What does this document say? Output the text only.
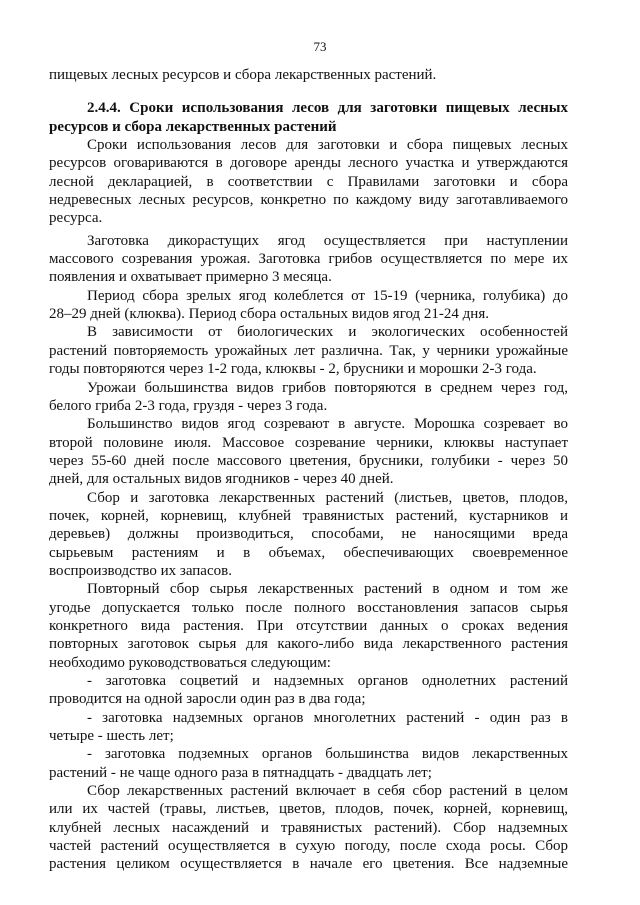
73
пищевых лесных ресурсов и сбора лекарственных растений.
2.4.4. Сроки использования лесов для заготовки пищевых лесных
ресурсов и сбора лекарственных растений
Сроки использования лесов для заготовки и сбора пищевых лесных
ресурсов оговариваются в договоре аренды лесного участка и утверждаются
лесной декларацией, в соответствии с Правилами заготовки и сбора
недревесных лесных ресурсов, конкретно по каждому виду заготавливаемого
ресурса.
Заготовка дикорастущих ягод осуществляется при наступлении
массового созревания урожая. Заготовка грибов осуществляется по мере их
появления и охватывает примерно 3 месяца.
Период сбора зрелых ягод колеблется от 15-19 (черника, голубика) до
28–29 дней (клюква). Период сбора остальных видов ягод 21-24 дня.
В зависимости от биологических и экологических особенностей
растений повторяемость урожайных лет различна. Так, у черники урожайные
годы повторяются через 1-2 года, клюквы - 2, брусники и морошки 2-3 года.
Урожаи большинства видов грибов повторяются в среднем через год,
белого гриба 2-3 года, груздя - через 3 года.
Большинство видов ягод созревают в августе. Морошка созревает во
второй половине июля. Массовое созревание черники, клюквы наступает
через 55-60 дней после массового цветения, брусники, голубики - через 50
дней, для остальных видов ягодников - через 40 дней.
Сбор и заготовка лекарственных растений (листьев, цветов, плодов,
почек, корней, корневищ, клубней травянистых растений, кустарников и
деревьев) должны производиться, способами, не наносящими вреда
сырьевым растениям и в объемах, обеспечивающих своевременное
воспроизводство их запасов.
Повторный сбор сырья лекарственных растений в одном и том же
угодье допускается только после полного восстановления запасов сырья
конкретного вида растения. При отсутствии данных о сроках ведения
повторных заготовок сырья для какого-либо вида лекарственного растения
необходимо руководствоваться следующим:
- заготовка соцветий и надземных органов однолетних растений
проводится на одной заросли один раз в два года;
- заготовка надземных органов многолетних растений - один раз в
четыре - шесть лет;
- заготовка подземных органов большинства видов лекарственных
растений - не чаще одного раза в пятнадцать - двадцать лет;
Сбор лекарственных растений включает в себя сбор растений в целом
или их частей (травы, листьев, цветов, плодов, почек, корней, корневищ,
клубней лесных насаждений и травянистых растений). Сбор надземных
частей растений осуществляется в сухую погоду, после схода росы. Сбор
растения целиком осуществляется в начале его цветения. Все надземные
